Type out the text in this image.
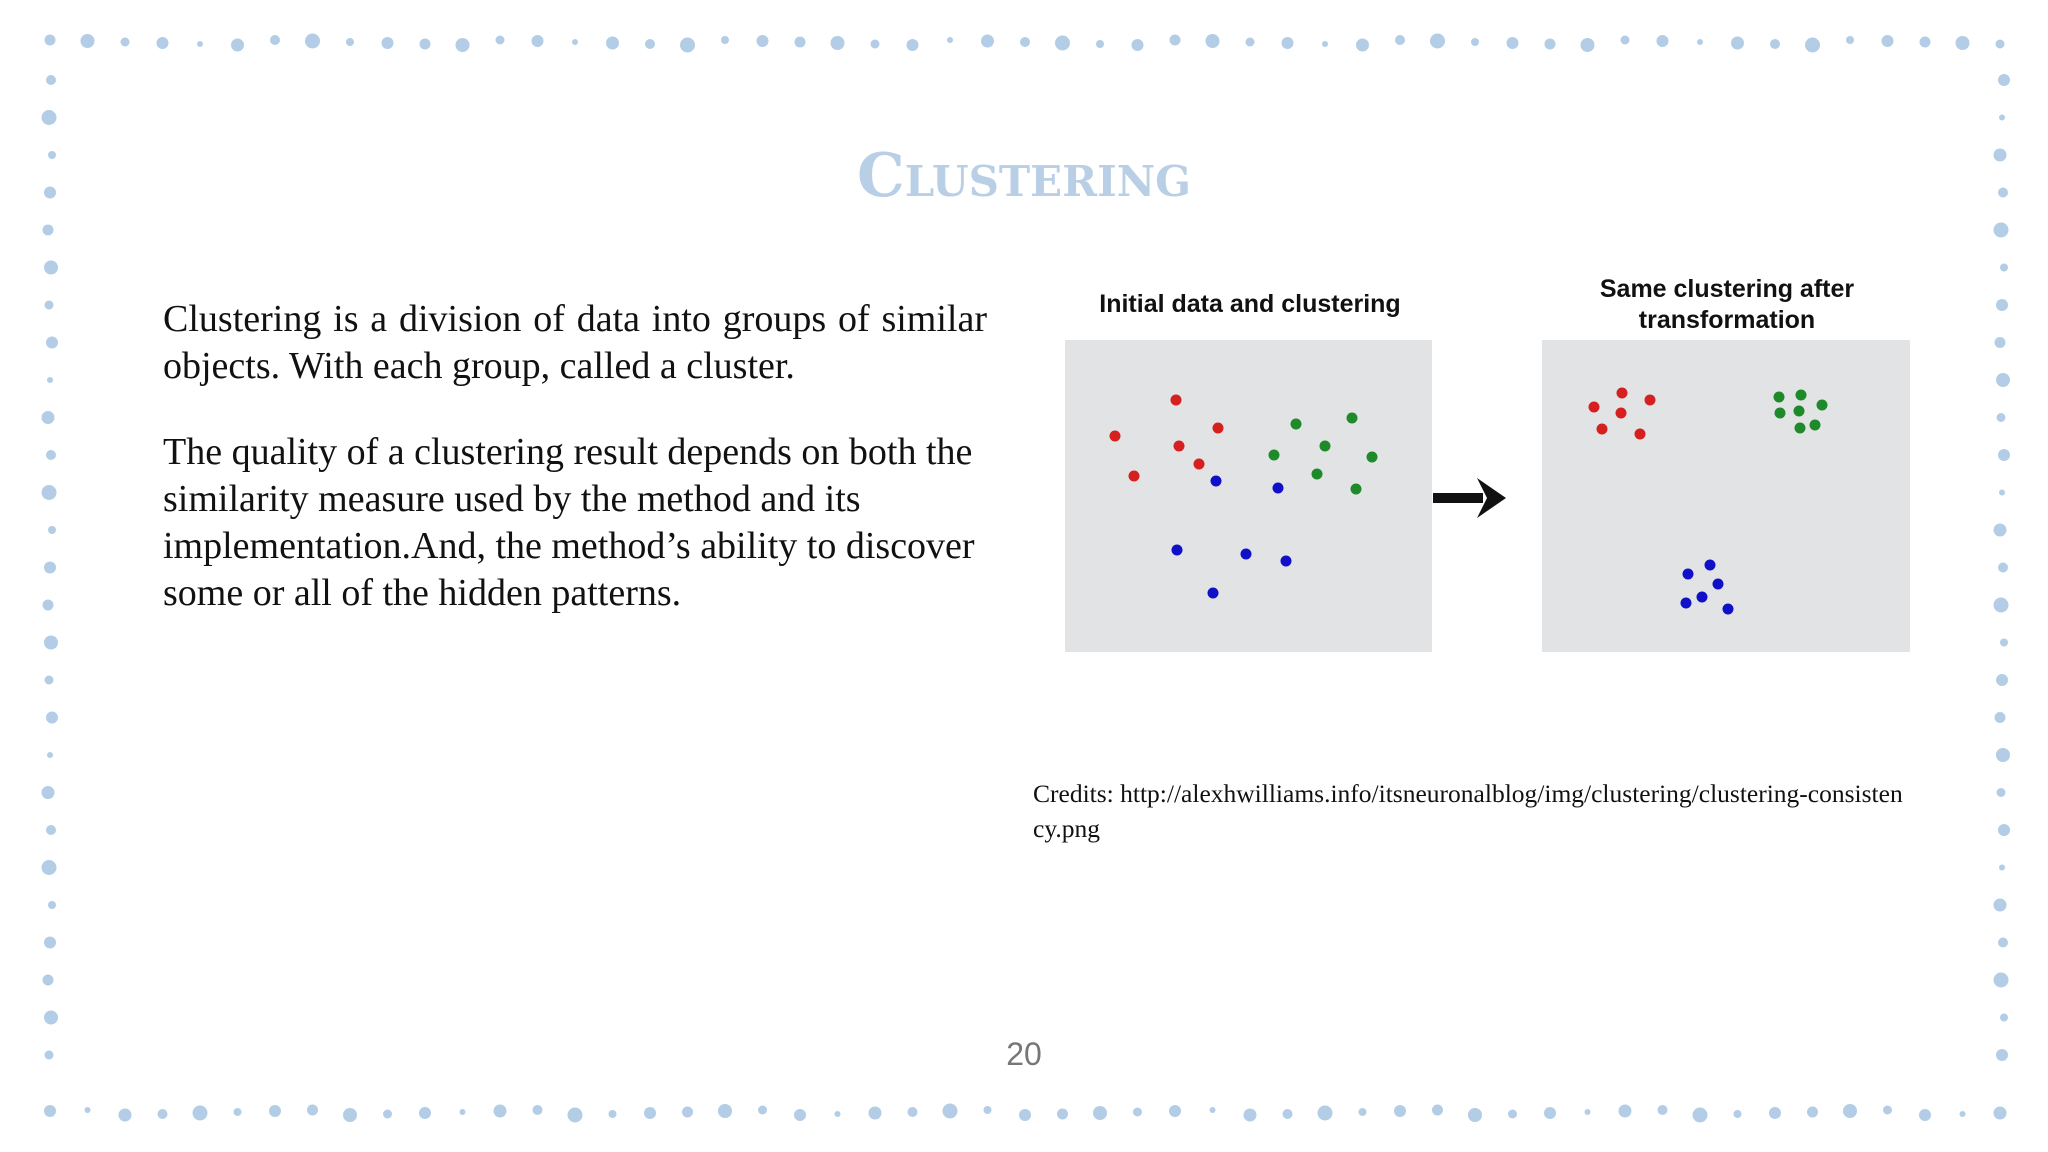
Clustering

Clustering is a division of data into groups of similar objects. With each group, called a cluster.

The quality of a clustering result depends on both the similarity measure used by the method and its implementation.And, the method’s ability to discover some or all of the hidden patterns.

Initial data and clustering
Same clustering after
transformation
Credits: http://alexhwilliams.info/itsneuronalblog/img/clustering/clustering-consistency.png
20
